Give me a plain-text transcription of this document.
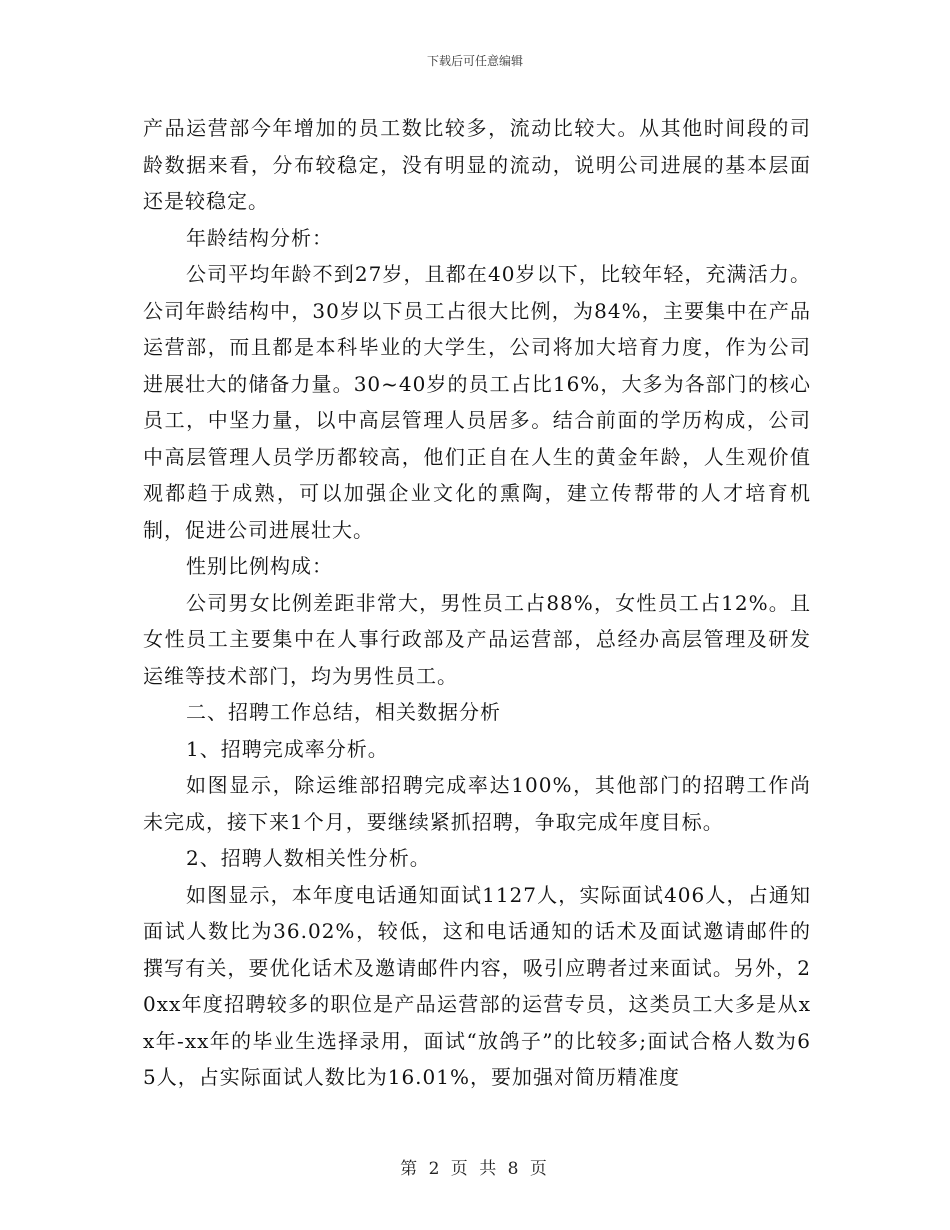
下载后可任意编辑

产品运营部今年增加的员工数比较多，流动比较大。从其他时间段的司龄数据来看，分布较稳定，没有明显的流动，说明公司进展的基本层面还是较稳定。

年龄结构分析：

公司平均年龄不到27岁，且都在40岁以下，比较年轻，充满活力。公司年龄结构中，30岁以下员工占很大比例，为84%，主要集中在产品运营部，而且都是本科毕业的大学生，公司将加大培育力度，作为公司进展壮大的储备力量。30~40岁的员工占比16%，大多为各部门的核心员工，中坚力量，以中高层管理人员居多。结合前面的学历构成，公司中高层管理人员学历都较高，他们正自在人生的黄金年龄，人生观价值观都趋于成熟，可以加强企业文化的熏陶，建立传帮带的人才培育机制，促进公司进展壮大。

性别比例构成：

公司男女比例差距非常大，男性员工占88%，女性员工占12%。且女性员工主要集中在人事行政部及产品运营部，总经办高层管理及研发运维等技术部门，均为男性员工。

二、招聘工作总结，相关数据分析

1、招聘完成率分析。

如图显示，除运维部招聘完成率达100%，其他部门的招聘工作尚未完成，接下来1个月，要继续紧抓招聘，争取完成年度目标。

2、招聘人数相关性分析。

如图显示，本年度电话通知面试1127人，实际面试406人，占通知面试人数比为36.02%，较低，这和电话通知的话术及面试邀请邮件的撰写有关，要优化话术及邀请邮件内容，吸引应聘者过来面试。另外，20xx年度招聘较多的职位是产品运营部的运营专员，这类员工大多是从xx年-xx年的毕业生选择录用，面试“放鸽子”的比较多;面试合格人数为65人，占实际面试人数比为16.01%，要加强对简历精准度

第 2 页 共 8 页
